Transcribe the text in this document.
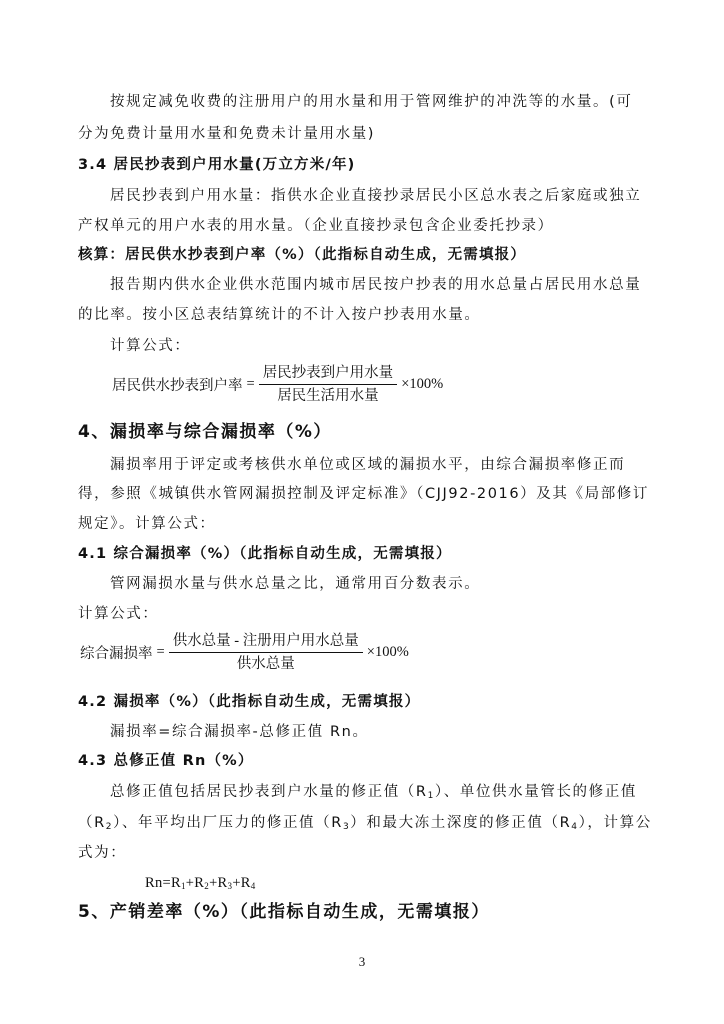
按规定减免收费的注册用户的用水量和用于管网维护的冲洗等的水量。(可
分为免费计量用水量和免费未计量用水量)
3.4 居民抄表到户用水量(万立方米/年)
居民抄表到户用水量：指供水企业直接抄录居民小区总水表之后家庭或独立
产权单元的用户水表的用水量。（企业直接抄录包含企业委托抄录）
核算：居民供水抄表到户率（%）（此指标自动生成，无需填报）
报告期内供水企业供水范围内城市居民按户抄表的用水总量占居民用水总量
的比率。按小区总表结算统计的不计入按户抄表用水量。
计算公式：
居民供水抄表到户率 = $\frac{\text{居民抄表到户用水量}}{\text{居民生活用水量}} \times 100\%$
4、漏损率与综合漏损率（%）
漏损率用于评定或考核供水单位或区域的漏损水平，由综合漏损率修正而
得，参照《城镇供水管网漏损控制及评定标准》（CJJ92-2016）及其《局部修订
规定》。计算公式：
4.1 综合漏损率（%）（此指标自动生成，无需填报）
管网漏损水量与供水总量之比，通常用百分数表示。
计算公式：
综合漏损率 = $\frac{\text{供水总量 - 注册用户用水总量}}{\text{供水总量}} \times 100\%$
4.2 漏损率（%）（此指标自动生成，无需填报）
漏损率=综合漏损率-总修正值 Rn。
4.3 总修正值 Rn（%）
总修正值包括居民抄表到户水量的修正值$(R_1)$、单位供水量管长的修正值
$(R_2)$、年平均出厂压力的修正值$(R_3)$和最大冻土深度的修正值$(R_4)$，计算公
式为：
$Rn=R_1+R_2+R_3+R_4$
5、产销差率（%）（此指标自动生成，无需填报）
3
